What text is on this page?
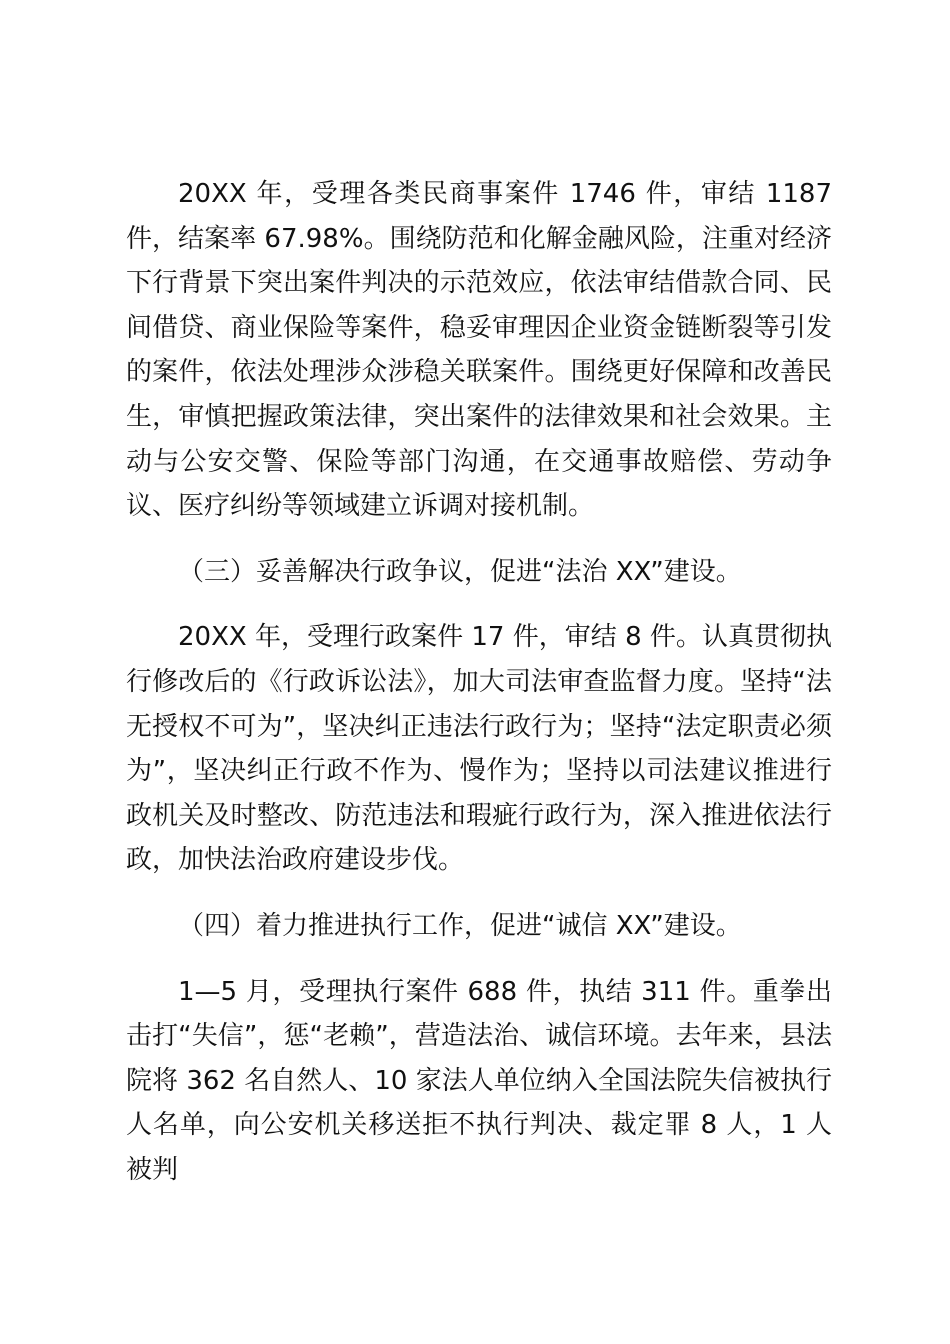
20XX 年，受理各类民商事案件 1746 件，审结 1187 件，结案率 67.98%。围绕防范和化解金融风险，注重对经济下行背景下突出案件判决的示范效应，依法审结借款合同、民间借贷、商业保险等案件，稳妥审理因企业资金链断裂等引发的案件，依法处理涉众涉稳关联案件。围绕更好保障和改善民生，审慎把握政策法律，突出案件的法律效果和社会效果。主动与公安交警、保险等部门沟通，在交通事故赔偿、劳动争议、医疗纠纷等领域建立诉调对接机制。

（三）妥善解决行政争议，促进“法治 XX”建设。

20XX 年，受理行政案件 17 件，审结 8 件。认真贯彻执行修改后的《行政诉讼法》，加大司法审查监督力度。坚持“法无授权不可为”，坚决纠正违法行政行为；坚持“法定职责必须为”，坚决纠正行政不作为、慢作为；坚持以司法建议推进行政机关及时整改、防范违法和瑕疵行政行为，深入推进依法行政，加快法治政府建设步伐。

（四）着力推进执行工作，促进“诚信 XX”建设。

1—5 月，受理执行案件 688 件，执结 311 件。重拳出击打“失信”，惩“老赖”，营造法治、诚信环境。去年来，县法院将 362 名自然人、10 家法人单位纳入全国法院失信被执行人名单，向公安机关移送拒不执行判决、裁定罪 8 人，1 人被判
